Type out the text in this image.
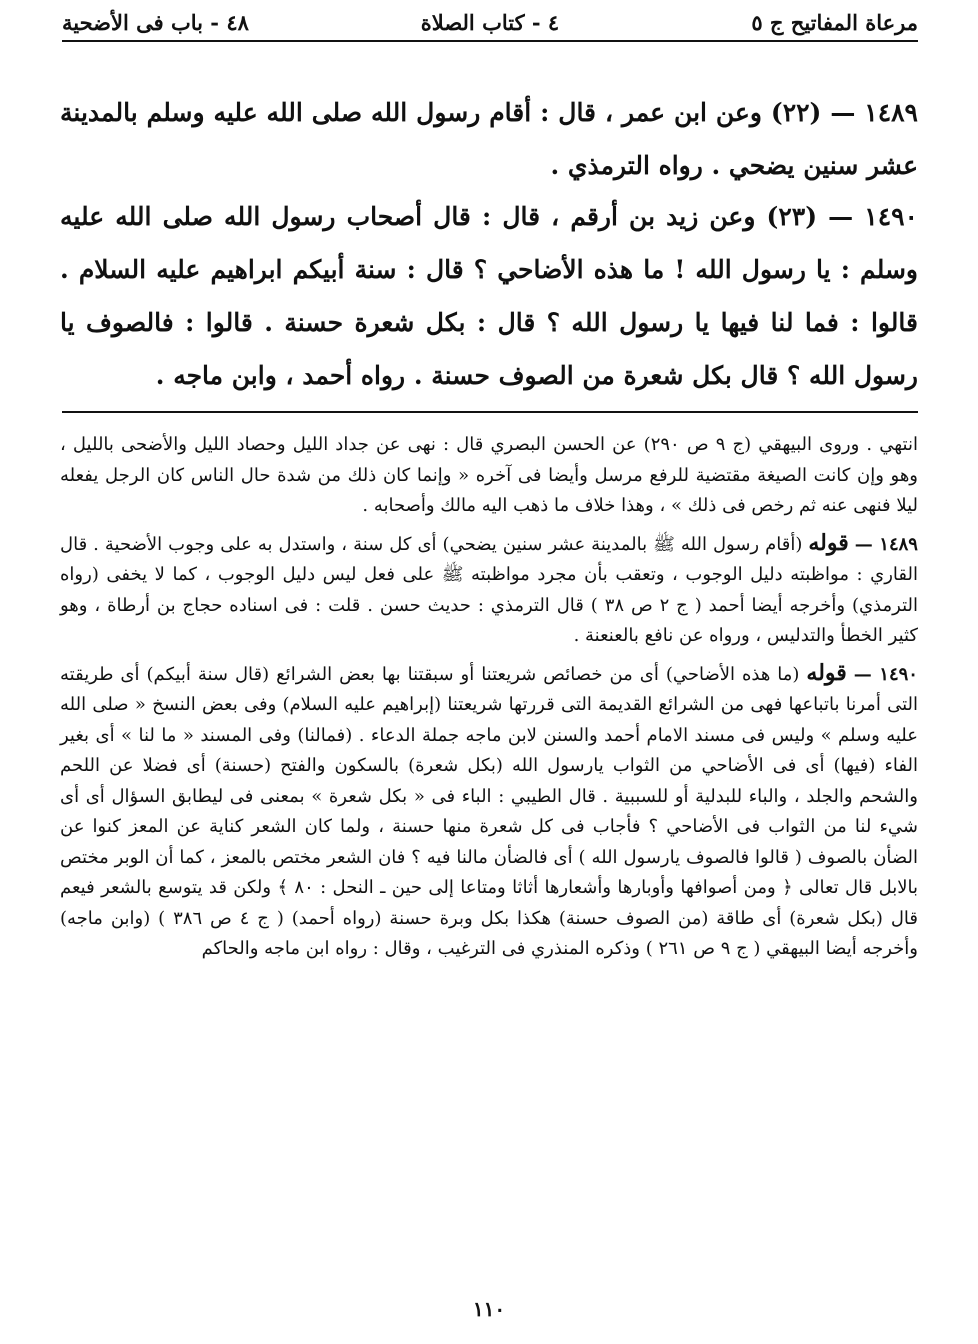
مرعاة المفاتيح ج ٥
٤ - كتاب الصلاة
٤٨ - باب فى الأضحية

١٤٨٩ — (٢٢) وعن ابن عمر ، قال : أقام رسول الله صلى الله عليه وسلم بالمدينة عشر سنين يضحي . رواه الترمذي .

١٤٩٠ — (٢٣) وعن زيد بن أرقم ، قال : قال أصحاب رسول الله صلى الله عليه وسلم : يا رسول الله ! ما هذه الأضاحي ؟ قال : سنة أبيكم ابراهيم عليه السلام . قالوا : فما لنا فيها يا رسول الله ؟ قال : بكل شعرة حسنة . قالوا : فالصوف يا رسول الله ؟ قال بكل شعرة من الصوف حسنة . رواه أحمد ، وابن ماجه .

انتهي . وروى البيهقي (ج ٩ ص ٢٩٠) عن الحسن البصري قال : نهى عن جداد الليل وحصاد الليل والأضحى بالليل ، وهو وإن كانت الصيغة مقتضية للرفع مرسل وأيضا فى آخره « وإنما كان ذلك من شدة حال الناس كان الرجل يفعله ليلا فنهى عنه ثم رخص فى ذلك » ، وهذا خلاف ما ذهب اليه مالك وأصحابه .

١٤٨٩ — قوله (أقام رسول الله ﷺ بالمدينة عشر سنين يضحي) أى كل سنة ، واستدل به على وجوب الأضحية . قال القاري : مواظبته دليل الوجوب ، وتعقب بأن مجرد مواظبته ﷺ على فعل ليس دليل الوجوب ، كما لا يخفى (رواه الترمذي) وأخرجه أيضا أحمد ( ج ٢ ص ٣٨ ) قال الترمذي : حديث حسن . قلت : فى اسناده حجاج بن أرطاة ، وهو كثير الخطأ والتدليس ، ورواه عن نافع بالعنعنة .

١٤٩٠ — قوله (ما هذه الأضاحي) أى من خصائص شريعتنا أو سبقتنا بها بعض الشرائع (قال سنة أبيكم) أى طريقته التى أمرنا باتباعها فهى من الشرائع القديمة التى قررتها شريعتنا (إبراهيم عليه السلام) وفى بعض النسخ « صلى الله عليه وسلم » وليس فى مسند الامام أحمد والسنن لابن ماجه جملة الدعاء . (فمالنا) وفى المسند « ما لنا » أى بغير الفاء (فيها) أى فى الأضاحي من الثواب يارسول الله (بكل شعرة) بالسكون والفتح (حسنة) أى فضلا عن اللحم والشحم والجلد ، والباء للبدلية أو للسببية . قال الطيبي : الباء فى « بكل شعرة » بمعنى فى ليطابق السؤال أى أى شيء لنا من الثواب فى الأضاحي ؟ فأجاب فى كل شعرة منها حسنة ، ولما كان الشعر كناية عن المعز كنوا عن الضأن بالصوف ( قالوا فالصوف يارسول الله ) أى فالضأن مالنا فيه ؟ فان الشعر مختص بالمعز ، كما أن الوبر مختص بالابل قال تعالى ﴿ ومن أصوافها وأوبارها وأشعارها أثاثا ومتاعا إلى حين ـ النحل : ٨٠ ﴾ ولكن قد يتوسع بالشعر فيعم قال (بكل شعرة) أى طاقة (من الصوف حسنة) هكذا بكل وبرة حسنة (رواه أحمد) ( ج ٤ ص ٣٨٦ ) (وابن ماجه) وأخرجه أيضا البيهقي ( ج ٩ ص ٢٦١ ) وذكره المنذري فى الترغيب ، وقال : رواه ابن ماجه والحاكم

١١٠
